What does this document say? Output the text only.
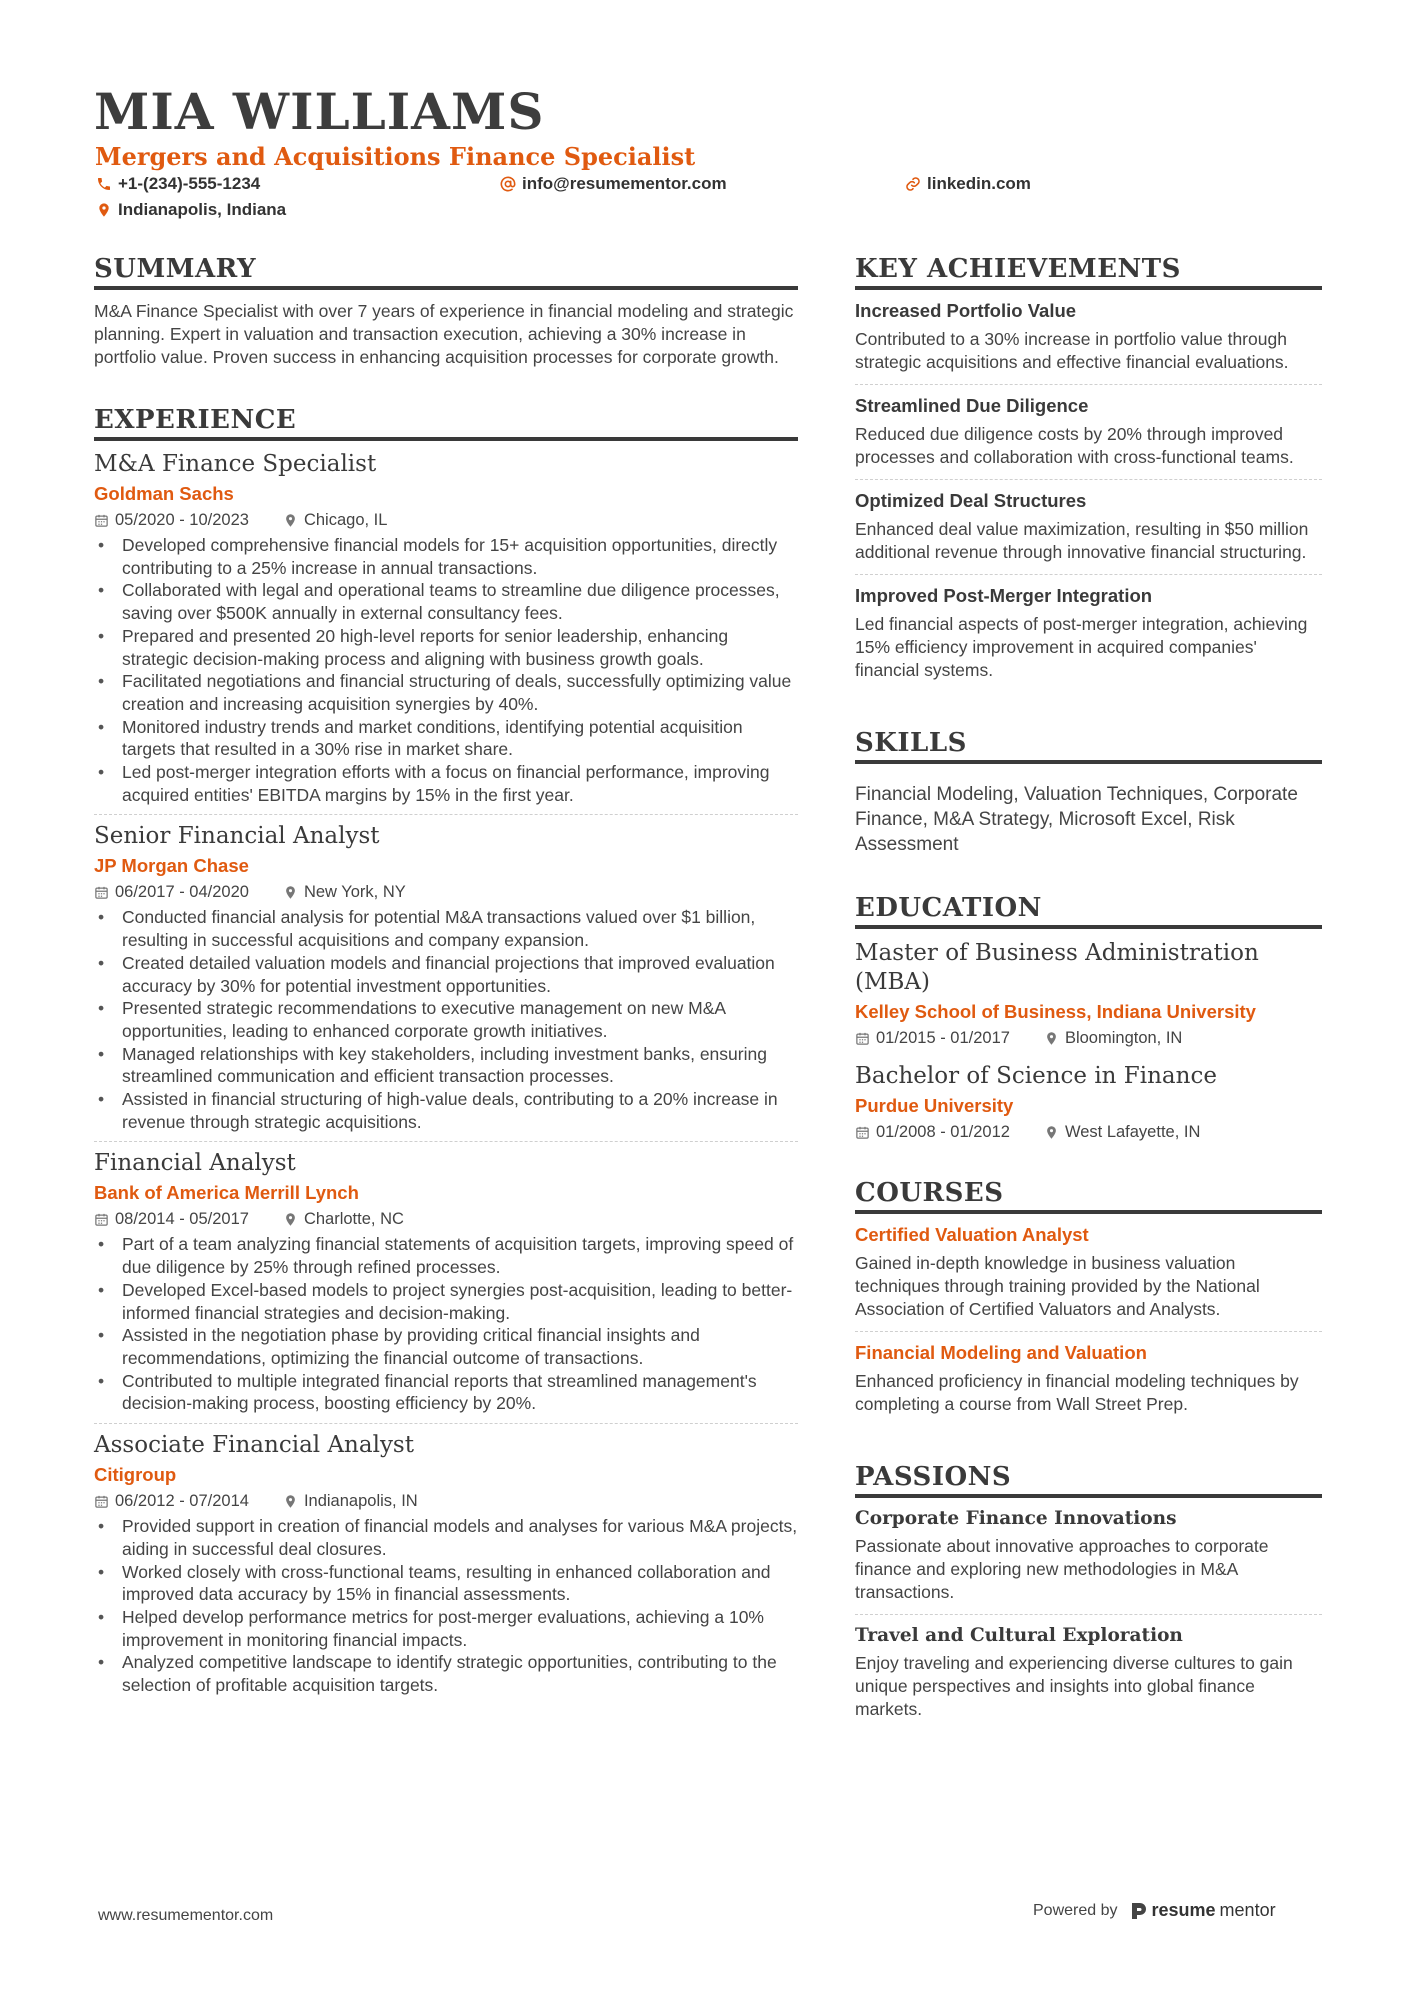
MIA WILLIAMS
Mergers and Acquisitions Finance Specialist
+1-(234)-555-1234	info@resumementor.com	linkedin.com
Indianapolis, Indiana
SUMMARY

M&A Finance Specialist with over 7 years of experience in financial modeling and strategic planning. Expert in valuation and transaction execution, achieving a 30% increase in portfolio value. Proven success in enhancing acquisition processes for corporate growth.

EXPERIENCE
M&A Finance Specialist
Goldman Sachs
05/2020 - 10/2023	Chicago, IL
• Developed comprehensive financial models for 15+ acquisition opportunities, directly contributing to a 25% increase in annual transactions.
• Collaborated with legal and operational teams to streamline due diligence processes, saving over $500K annually in external consultancy fees.
• Prepared and presented 20 high-level reports for senior leadership, enhancing strategic decision-making process and aligning with business growth goals.
• Facilitated negotiations and financial structuring of deals, successfully optimizing value creation and increasing acquisition synergies by 40%.
• Monitored industry trends and market conditions, identifying potential acquisition targets that resulted in a 30% rise in market share.
• Led post-merger integration efforts with a focus on financial performance, improving acquired entities' EBITDA margins by 15% in the first year.
Senior Financial Analyst
JP Morgan Chase
06/2017 - 04/2020	New York, NY
• Conducted financial analysis for potential M&A transactions valued over $1 billion, resulting in successful acquisitions and company expansion.
• Created detailed valuation models and financial projections that improved evaluation accuracy by 30% for potential investment opportunities.
• Presented strategic recommendations to executive management on new M&A opportunities, leading to enhanced corporate growth initiatives.
• Managed relationships with key stakeholders, including investment banks, ensuring streamlined communication and efficient transaction processes.
• Assisted in financial structuring of high-value deals, contributing to a 20% increase in revenue through strategic acquisitions.
Financial Analyst
Bank of America Merrill Lynch
08/2014 - 05/2017	Charlotte, NC
• Part of a team analyzing financial statements of acquisition targets, improving speed of due diligence by 25% through refined processes.
• Developed Excel-based models to project synergies post-acquisition, leading to better-informed financial strategies and decision-making.
• Assisted in the negotiation phase by providing critical financial insights and recommendations, optimizing the financial outcome of transactions.
• Contributed to multiple integrated financial reports that streamlined management's decision-making process, boosting efficiency by 20%.
Associate Financial Analyst
Citigroup
06/2012 - 07/2014	Indianapolis, IN
• Provided support in creation of financial models and analyses for various M&A projects, aiding in successful deal closures.
• Worked closely with cross-functional teams, resulting in enhanced collaboration and improved data accuracy by 15% in financial assessments.
• Helped develop performance metrics for post-merger evaluations, achieving a 10% improvement in monitoring financial impacts.
• Analyzed competitive landscape to identify strategic opportunities, contributing to the selection of profitable acquisition targets.
KEY ACHIEVEMENTS
Increased Portfolio Value

Contributed to a 30% increase in portfolio value through strategic acquisitions and effective financial evaluations.

Streamlined Due Diligence

Reduced due diligence costs by 20% through improved processes and collaboration with cross-functional teams.

Optimized Deal Structures

Enhanced deal value maximization, resulting in $50 million additional revenue through innovative financial structuring.

Improved Post-Merger Integration

Led financial aspects of post-merger integration, achieving 15% efficiency improvement in acquired companies' financial systems.

SKILLS

Financial Modeling, Valuation Techniques, Corporate Finance, M&A Strategy, Microsoft Excel, Risk Assessment

EDUCATION
Master of Business Administration (MBA)
Kelley School of Business, Indiana University
01/2015 - 01/2017	Bloomington, IN
Bachelor of Science in Finance
Purdue University
01/2008 - 01/2012	West Lafayette, IN
COURSES
Certified Valuation Analyst

Gained in-depth knowledge in business valuation techniques through training provided by the National Association of Certified Valuators and Analysts.

Financial Modeling and Valuation

Enhanced proficiency in financial modeling techniques by completing a course from Wall Street Prep.

PASSIONS
Corporate Finance Innovations

Passionate about innovative approaches to corporate finance and exploring new methodologies in M&A transactions.

Travel and Cultural Exploration

Enjoy traveling and experiencing diverse cultures to gain unique perspectives and insights into global finance markets.

www.resumementor.com	Powered by resume mentor
